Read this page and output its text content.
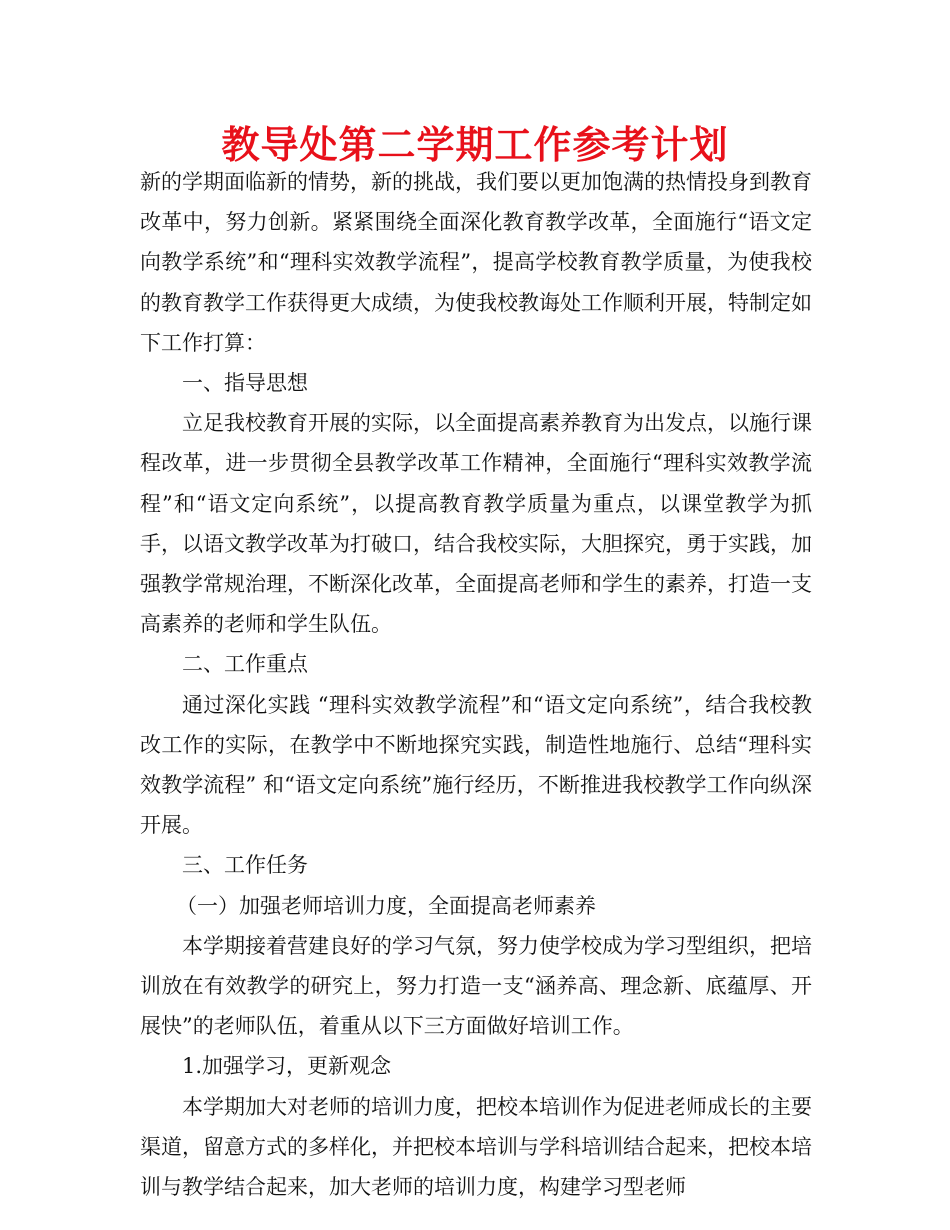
教导处第二学期工作参考计划

新的学期面临新的情势，新的挑战，我们要以更加饱满的热情投身到教育改革中，努力创新。紧紧围绕全面深化教育教学改革，全面施行“语文定向教学系统”和“理科实效教学流程”，提高学校教育教学质量，为使我校的教育教学工作获得更大成绩，为使我校教诲处工作顺利开展，特制定如下工作打算：

一、指导思想

立足我校教育开展的实际，以全面提高素养教育为出发点，以施行课程改革，进一步贯彻全县教学改革工作精神，全面施行“理科实效教学流程”和“语文定向系统”，以提高教育教学质量为重点，以课堂教学为抓手，以语文教学改革为打破口，结合我校实际，大胆探究，勇于实践，加强教学常规治理，不断深化改革，全面提高老师和学生的素养，打造一支高素养的老师和学生队伍。

二、工作重点

通过深化实践 “理科实效教学流程”和“语文定向系统”，结合我校教改工作的实际，在教学中不断地探究实践，制造性地施行、总结“理科实效教学流程” 和“语文定向系统”施行经历，不断推进我校教学工作向纵深开展。

三、工作任务

（一）加强老师培训力度，全面提高老师素养

本学期接着营建良好的学习气氛，努力使学校成为学习型组织，把培训放在有效教学的研究上，努力打造一支“涵养高、理念新、底蕴厚、开展快”的老师队伍，着重从以下三方面做好培训工作。

1.加强学习，更新观念

本学期加大对老师的培训力度，把校本培训作为促进老师成长的主要渠道，留意方式的多样化，并把校本培训与学科培训结合起来，把校本培训与教学结合起来，加大老师的培训力度，构建学习型老师
